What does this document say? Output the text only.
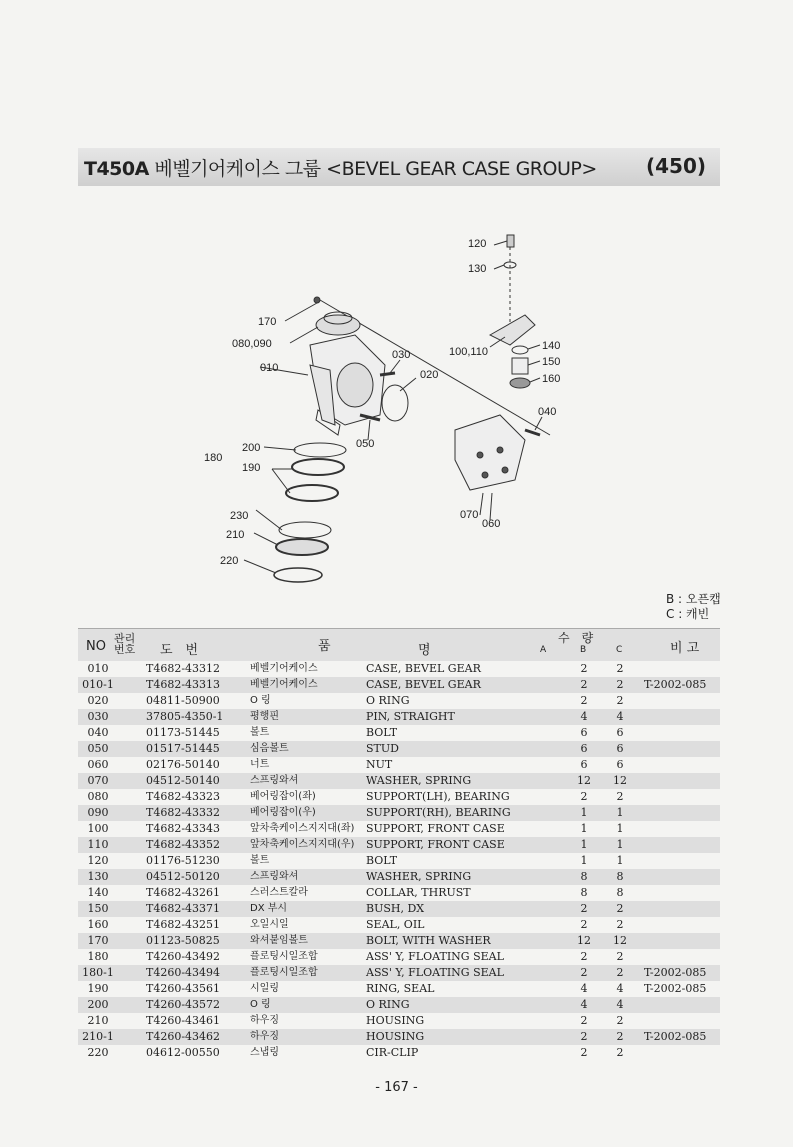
T450A 베벨기어케이스 그룹 <BEVEL GEAR CASE GROUP> (450)
120
130
170
080,090
010
030
020
100,110	140
150
160
040
200
180
190
050
230
210
220
070
060
B : 오픈캡
C : 캐빈
NO
관리번호 도　번	품	명
수　량
A	B	C	비 고
010	T4682-43312	베벨기어케이스	CASE, BEVEL GEAR	2	2
010-1	T4682-43313	베벨기어케이스	CASE, BEVEL GEAR	2	2	T-2002-085
020	04811-50900	O 링	O RING	2	2
030	37805-4350-1	평행핀	PIN, STRAIGHT	4	4
040	01173-51445	볼트	BOLT	6	6
050	01517-51445	심음볼트	STUD	6	6
060	02176-50140	너트	NUT	6	6
070	04512-50140	스프링와셔	WASHER, SPRING	12 12
080	T4682-43323	베어링잡이(좌)	SUPPORT(LH), BEARING	2	2
090	T4682-43332	베어링잡이(우)	SUPPORT(RH), BEARING	1	1
100	T4682-43343	앞차축케이스지지대(좌) SUPPORT, FRONT CASE	1	1
110	T4682-43352	앞차축케이스지지대(우) SUPPORT, FRONT CASE	1	1
120	01176-51230	볼트	BOLT	1	1
130	04512-50120	스프링와셔	WASHER, SPRING	8	8
140	T4682-43261	스러스트칼라	COLLAR, THRUST	8	8
150	T4682-43371	DX 부시	BUSH, DX	2	2
160	T4682-43251	오일시일	SEAL, OIL	2	2
170	01123-50825	와셔붙임볼트	BOLT, WITH WASHER	12 12
180	T4260-43492	플로팅시일조합	ASS' Y, FLOATING SEAL	2	2
180-1	T4260-43494	플로팅시일조합	ASS' Y, FLOATING SEAL	2	2	T-2002-085
190	T4260-43561	시일링	RING, SEAL	4	4	T-2002-085
200	T4260-43572	O 링	O RING	4	4
210	T4260-43461	하우징	HOUSING	2	2
210-1	T4260-43462	하우징	HOUSING	2	2	T-2002-085
220	04612-00550	스냅링	CIR-CLIP	2	2
- 167 -
